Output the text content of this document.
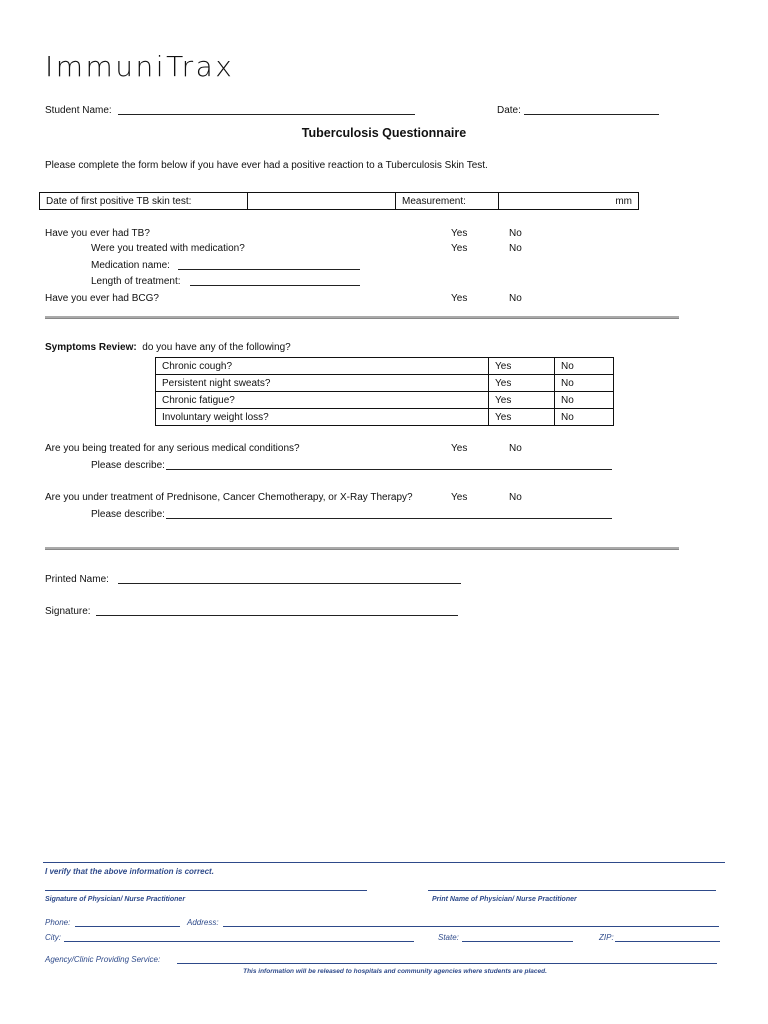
ImmuniTrax
Student Name:	Date:
Tuberculosis Questionnaire
Please complete the form below if you have ever had a positive reaction to a Tuberculosis Skin Test.
Date of first positive TB skin test:		Measurement:	mm
Have you ever had TB?	Yes	No
Were you treated with medication?	Yes	No
Medication name:
Length of treatment:
Have you ever had BCG?	Yes	No
Symptoms Review: do you have any of the following?
Chronic cough?	Yes	No
Persistent night sweats?	Yes	No
Chronic fatigue?	Yes	No
Involuntary weight loss?	Yes	No
Are you being treated for any serious medical conditions?	Yes	No
Please describe:
Are you under treatment of Prednisone, Cancer Chemotherapy, or X-Ray Therapy?	Yes	No
Please describe:
Printed Name:
Signature:
I verify that the above information is correct.
Signature of Physician/ Nurse Practitioner	Print Name of Physician/ Nurse Practitioner
Phone:	Address:
City:	State:	ZIP:
Agency/Clinic Providing Service:
This information will be released to hospitals and community agencies where students are placed.
